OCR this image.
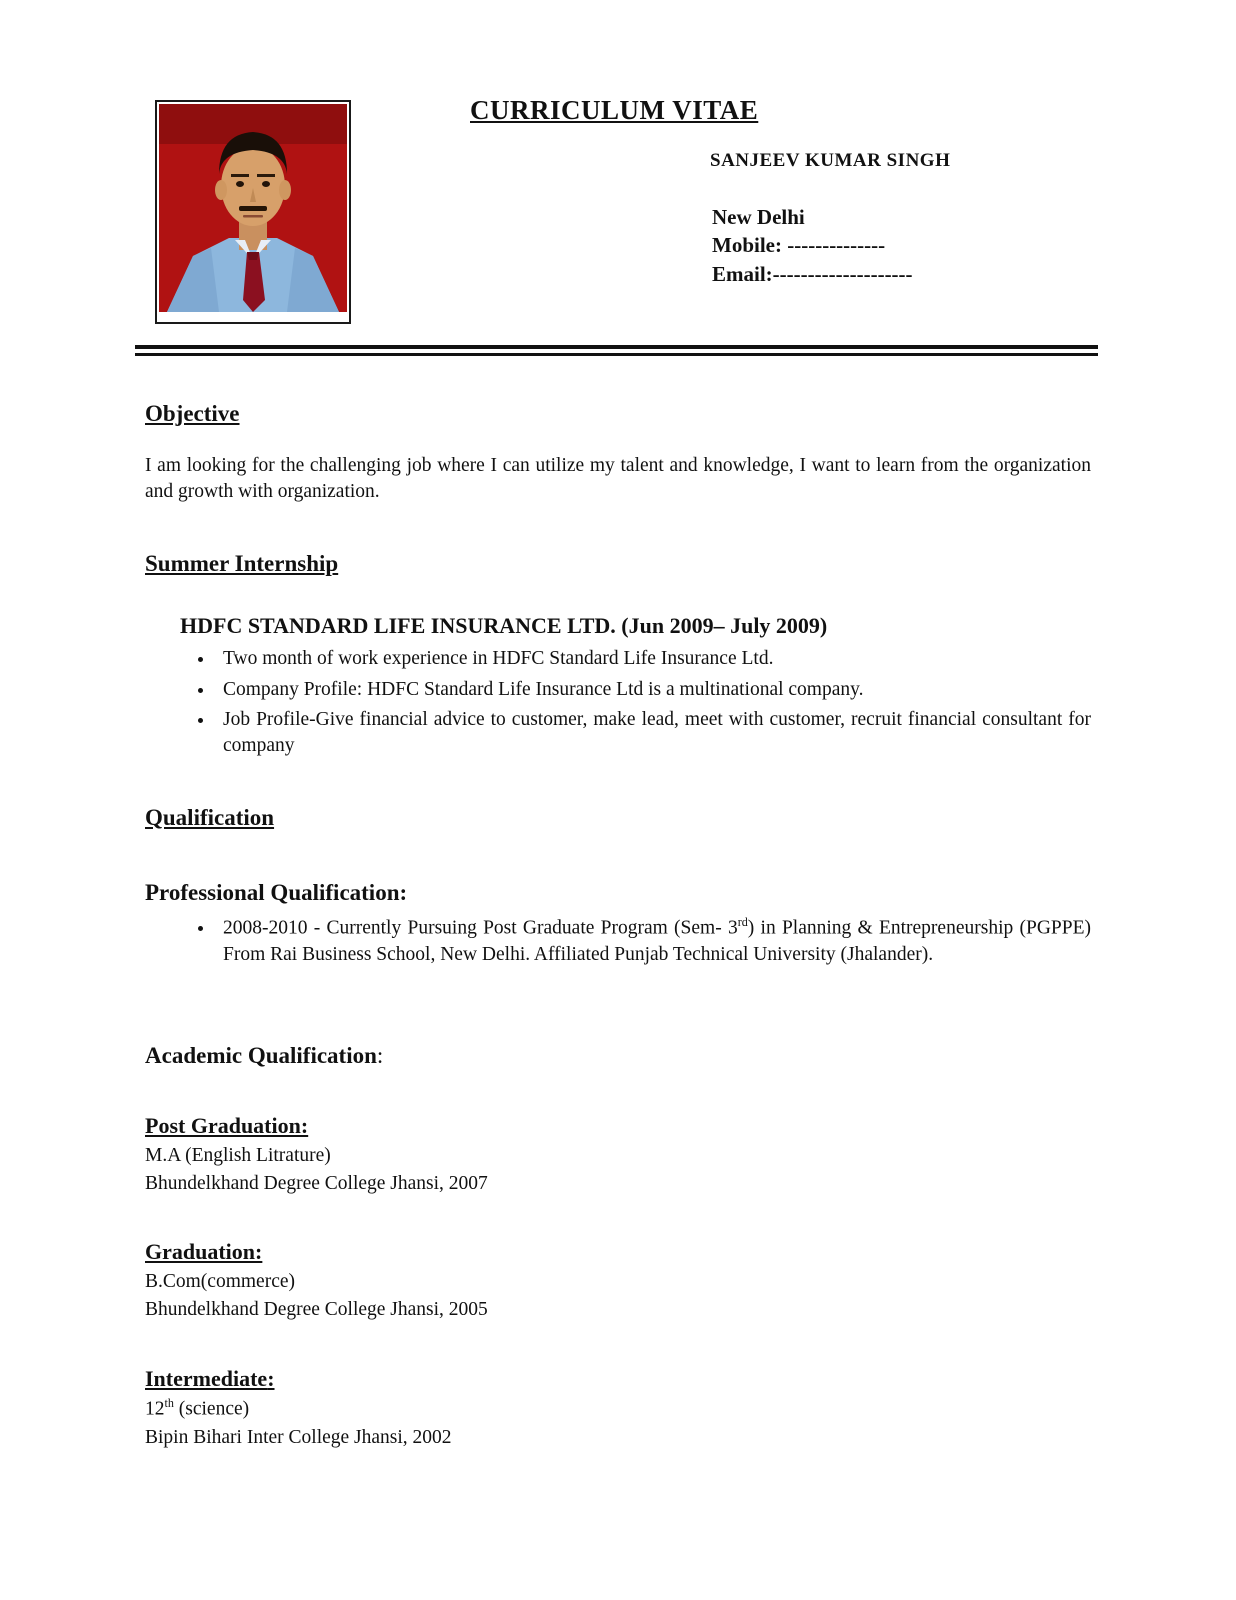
CURRICULUM VITAE
SANJEEV KUMAR SINGH
New Delhi
Mobile: --------------
Email:--------------------
Objective

I am looking for the challenging job where I can utilize my talent and knowledge, I want to learn from the organization and growth with organization.

Summer Internship
HDFC STANDARD LIFE INSURANCE LTD. (Jun 2009– July 2009)
• Two month of work experience in HDFC Standard Life Insurance Ltd.
• Company Profile: HDFC Standard Life Insurance Ltd is a multinational company.
• Job Profile-Give financial advice to customer, make lead, meet with customer, recruit financial consultant for company
Qualification
Professional Qualification:
• 2008-2010 - Currently Pursuing Post Graduate Program (Sem- 3rd) in Planning & Entrepreneurship (PGPPE) From Rai Business School, New Delhi. Affiliated Punjab Technical University (Jhalander).
Academic Qualification:
Post Graduation:
M.A (English Litrature)
Bhundelkhand Degree College Jhansi, 2007
Graduation:
B.Com(commerce)
Bhundelkhand Degree College Jhansi, 2005
Intermediate:
12th (science)
Bipin Bihari Inter College Jhansi, 2002
